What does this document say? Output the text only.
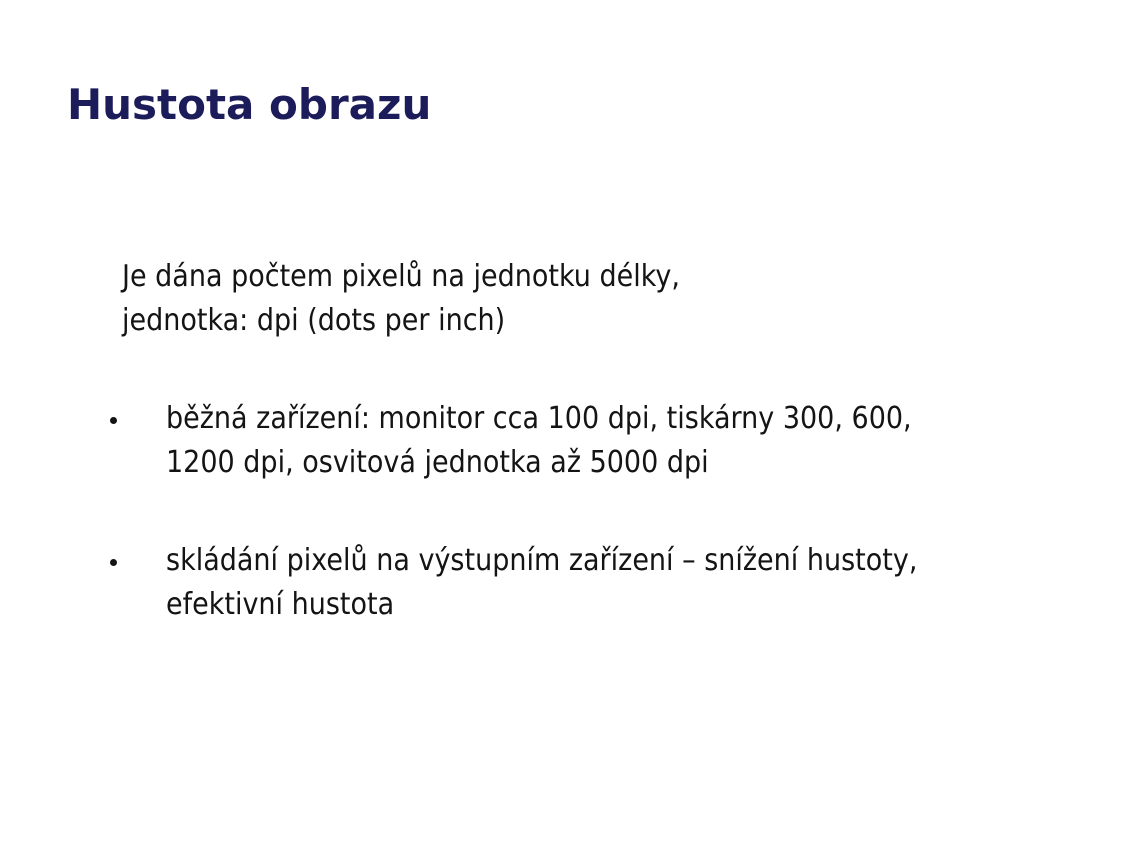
Hustota obrazu
Je dána počtem pixelů na jednotku délky,
jednotka: dpi (dots per inch)
běžná zařízení: monitor cca 100 dpi, tiskárny 300, 600,
1200 dpi, osvitová jednotka až 5000 dpi
skládání pixelů na výstupním zařízení – snížení hustoty,
efektivní hustota
